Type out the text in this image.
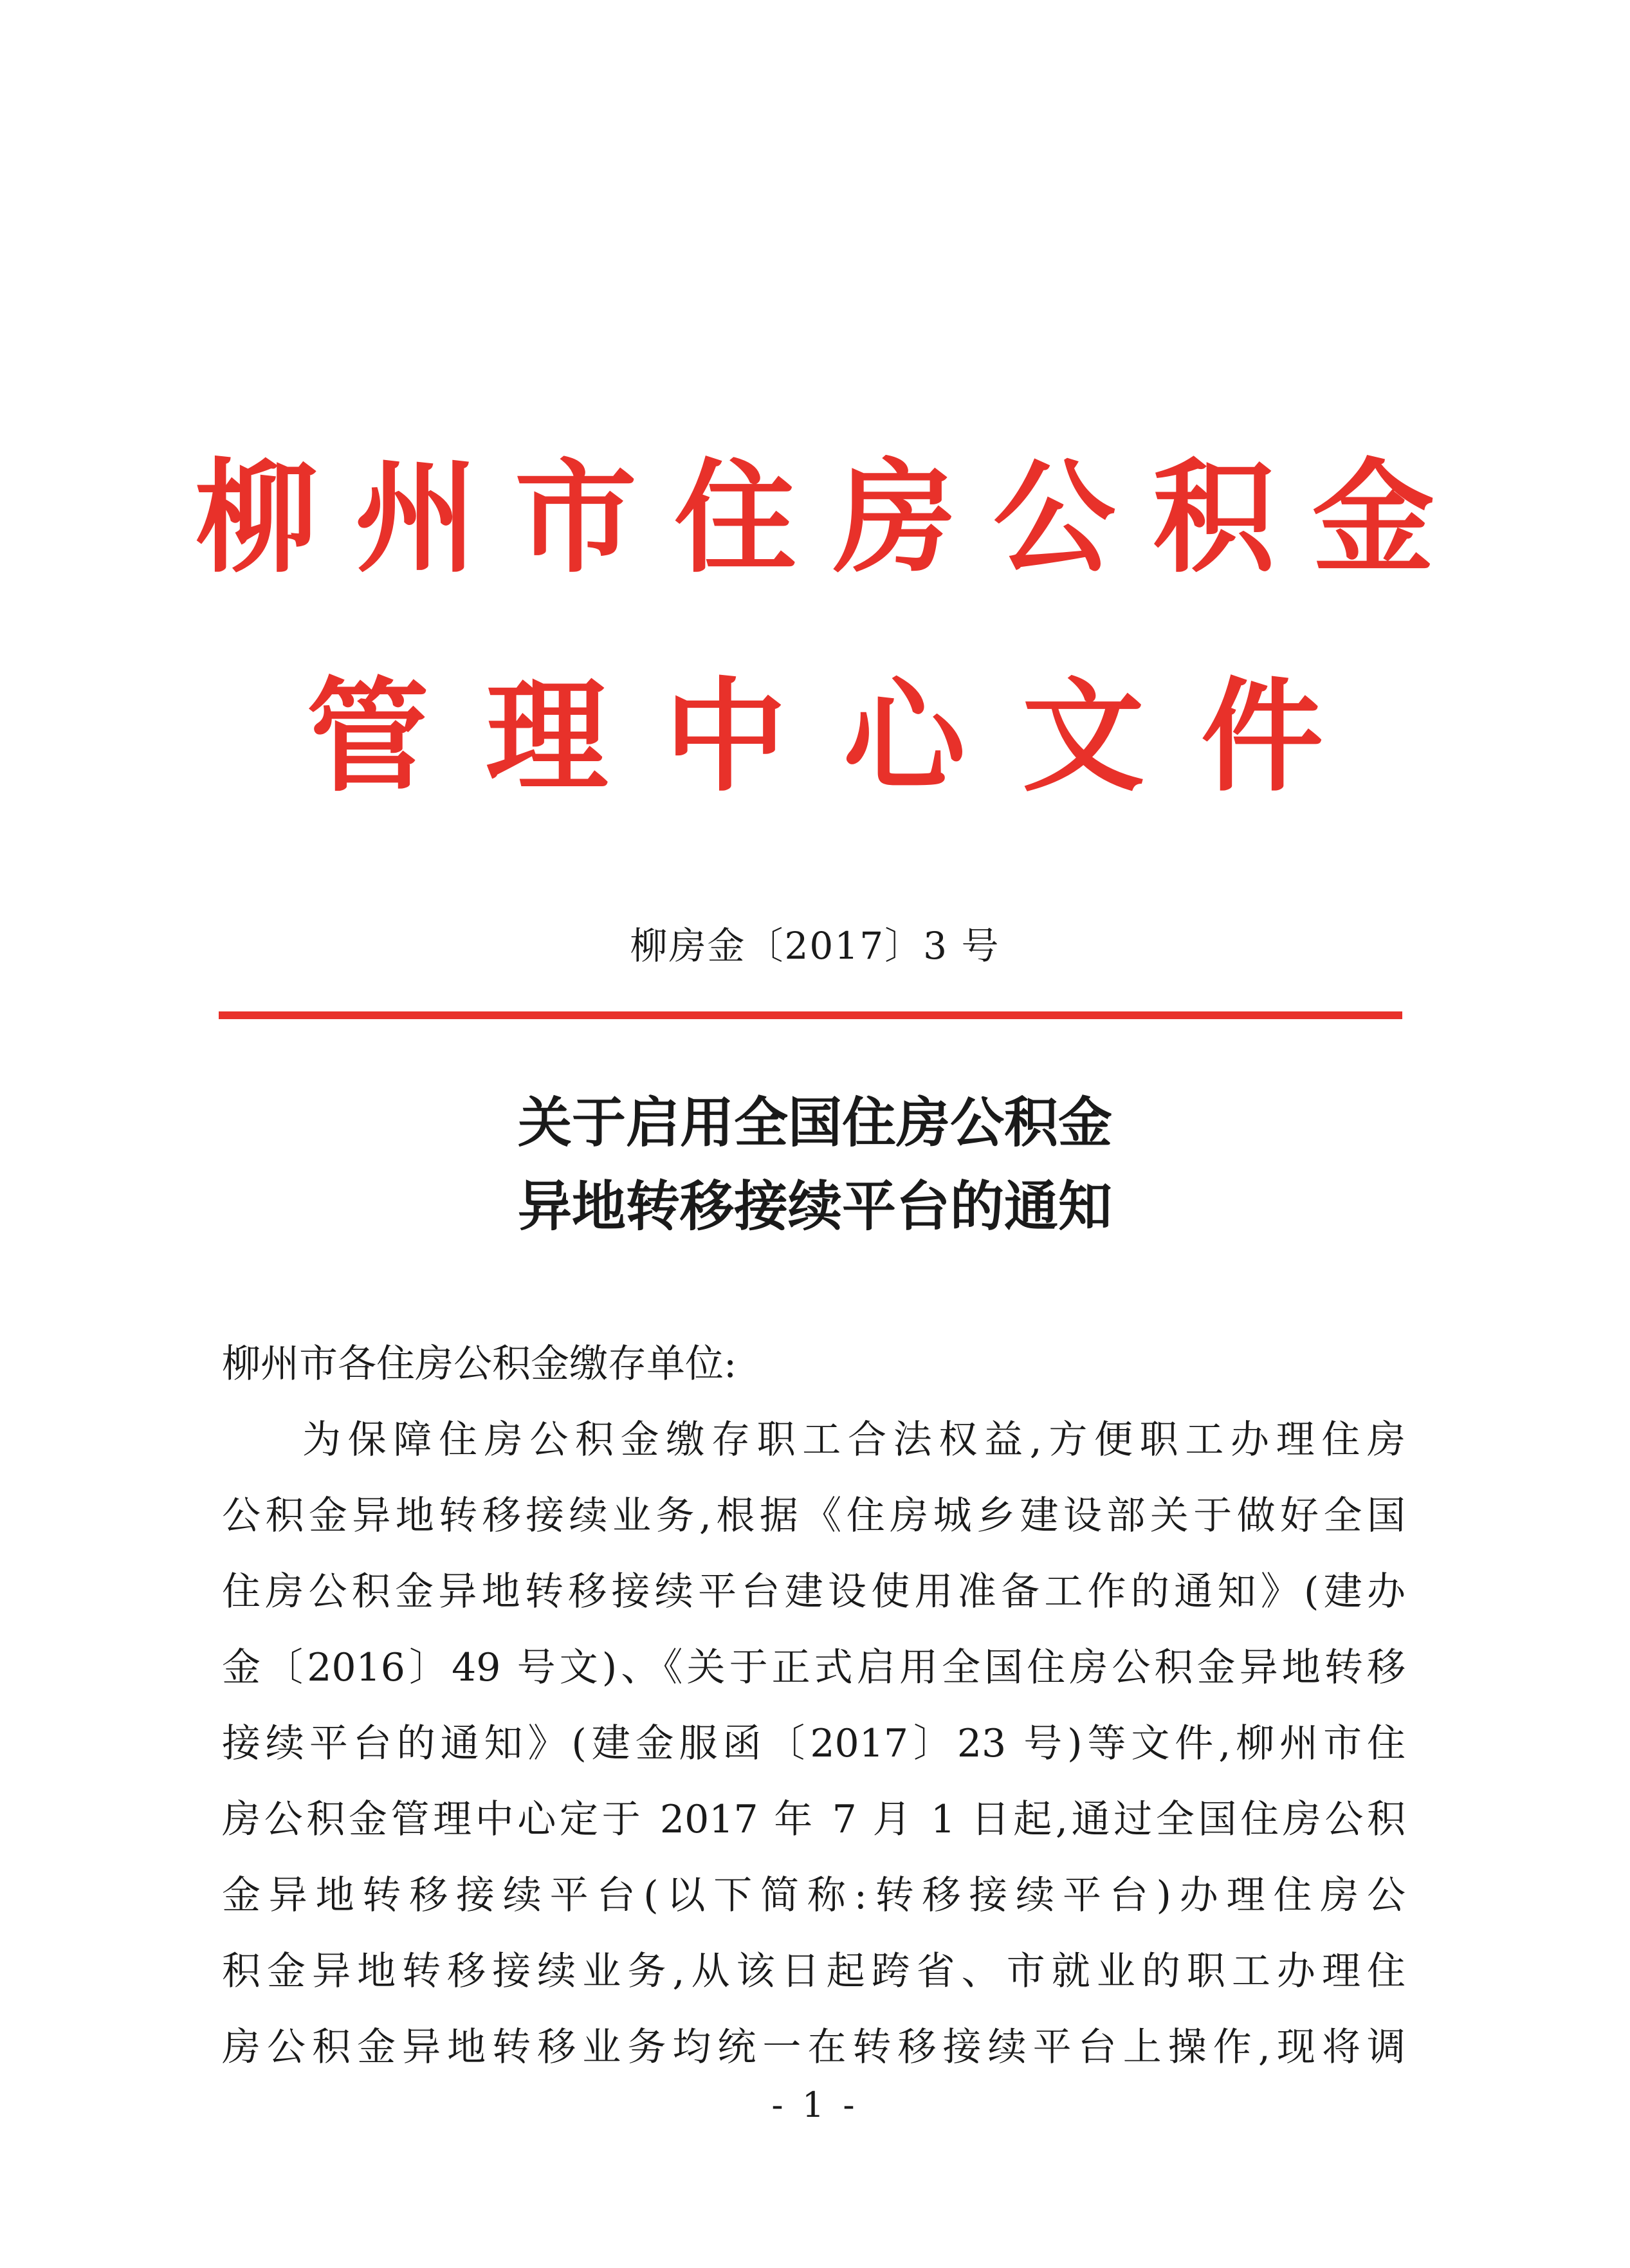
柳州市住房公积金
管理中心文件
柳房金〔2017〕3 号
关于启用全国住房公积金
异地转移接续平台的通知
柳州市各住房公积金缴存单位:
为保障住房公积金缴存职工合法权益,方便职工办理住房
公积金异地转移接续业务,根据《住房城乡建设部关于做好全国
住房公积金异地转移接续平台建设使用准备工作的通知》(建办
金〔2016〕49 号文)、《关于正式启用全国住房公积金异地转移
接续平台的通知》(建金服函〔2017〕23 号)等文件,柳州市住
房公积金管理中心定于 2017 年 7 月 1 日起,通过全国住房公积
金异地转移接续平台(以下简称:转移接续平台)办理住房公
积金异地转移接续业务,从该日起跨省、市就业的职工办理住
房公积金异地转移业务均统一在转移接续平台上操作,现将调
- 1 -
